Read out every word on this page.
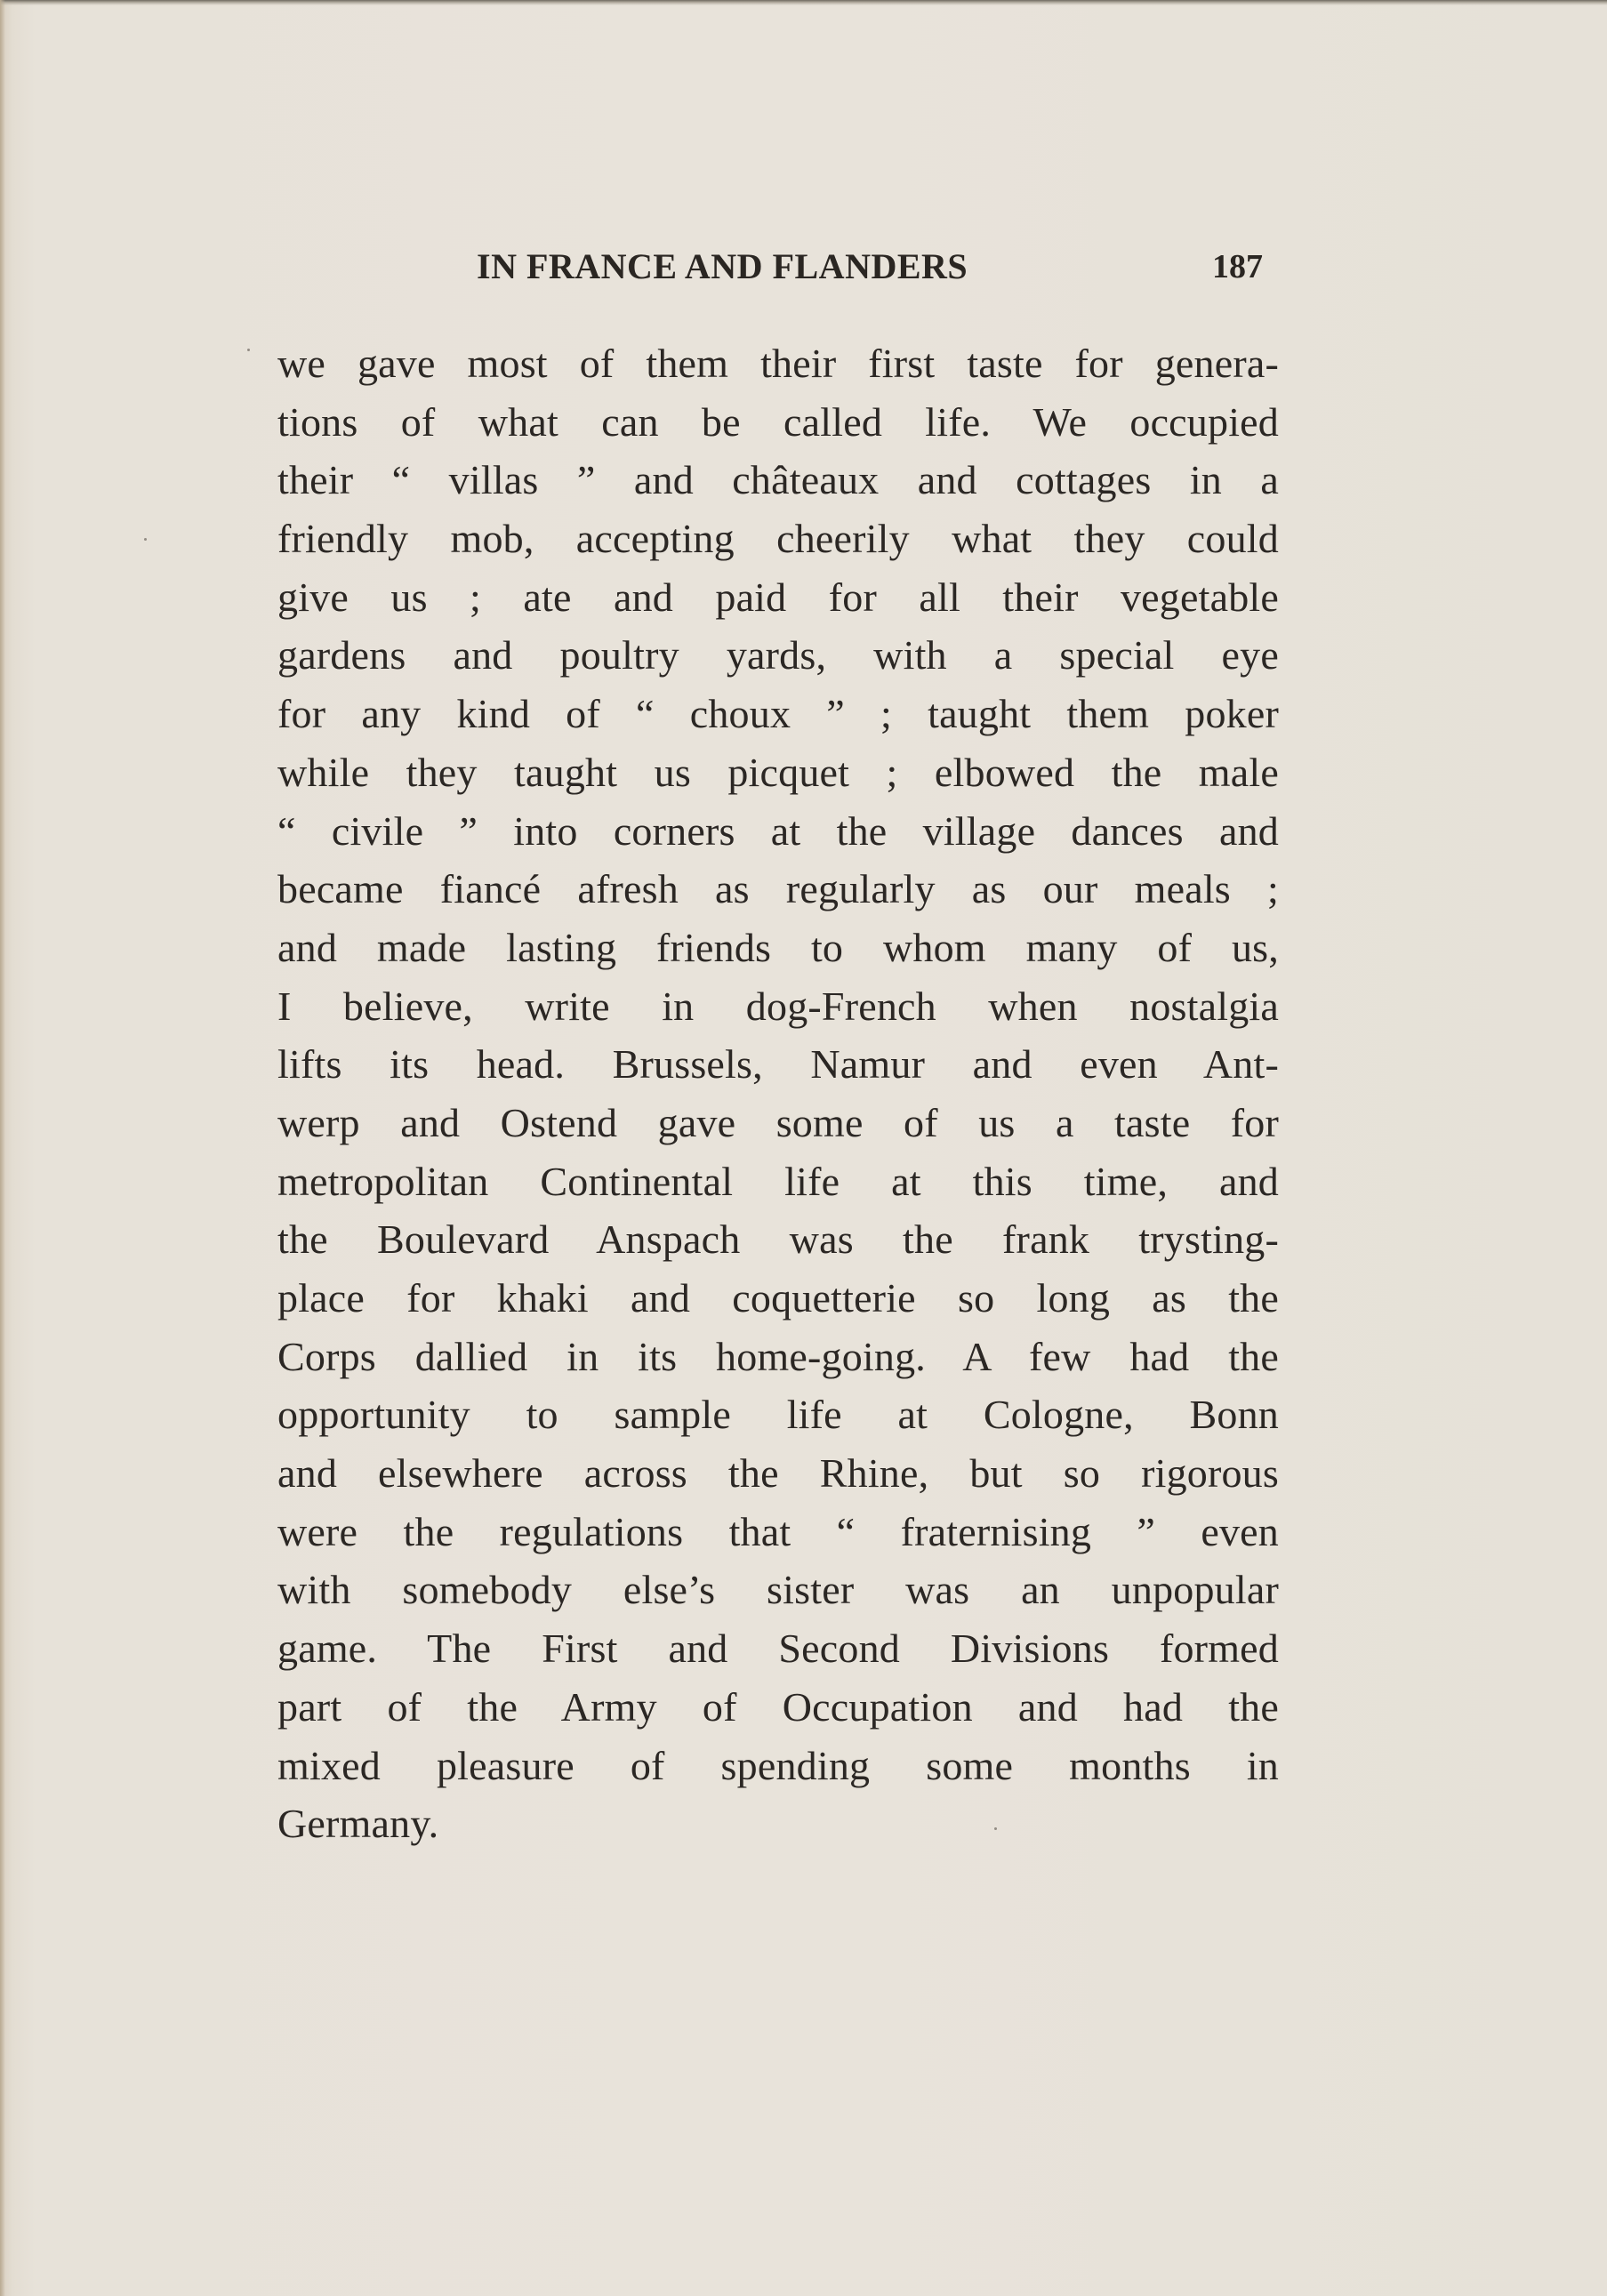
IN FRANCE AND FLANDERS	187
we gave most of them their first taste for genera-
tions of what can be called life. We occupied
their “ villas ” and châteaux and cottages in a
friendly mob, accepting cheerily what they could
give us ; ate and paid for all their vegetable
gardens and poultry yards, with a special eye
for any kind of “ choux ” ; taught them poker
while they taught us picquet ; elbowed the male
“ civile ” into corners at the village dances and
became fiancé afresh as regularly as our meals ;
and made lasting friends to whom many of us,
I believe, write in dog-French when nostalgia
lifts its head. Brussels, Namur and even Ant-
werp and Ostend gave some of us a taste for
metropolitan Continental life at this time, and
the Boulevard Anspach was the frank trysting-
place for khaki and coquetterie so long as the
Corps dallied in its home-going. A few had the
opportunity to sample life at Cologne, Bonn
and elsewhere across the Rhine, but so rigorous
were the regulations that “ fraternising ” even
with somebody else’s sister was an unpopular
game. The First and Second Divisions formed
part of the Army of Occupation and had the
mixed pleasure of spending some months in
Germany.
